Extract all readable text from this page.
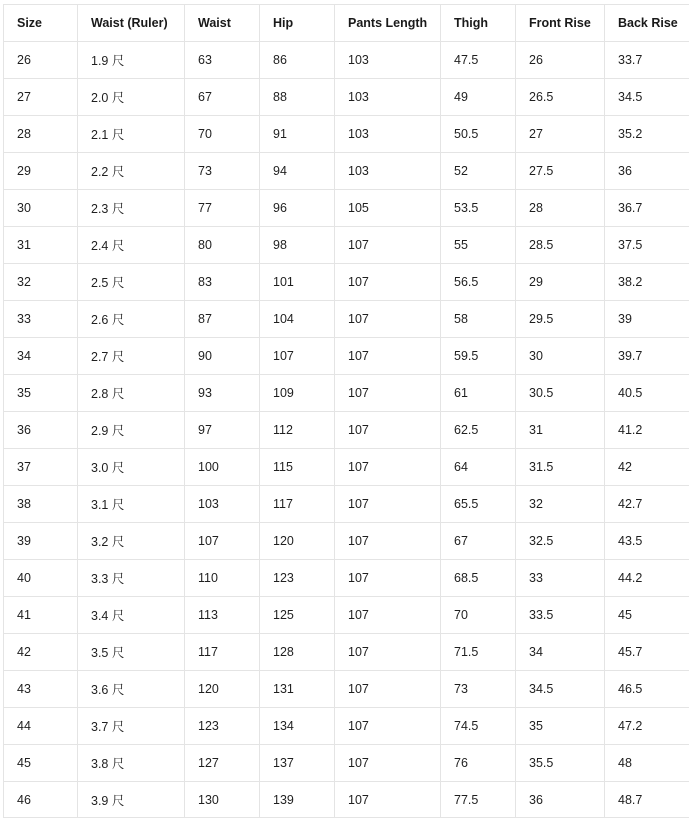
Size	Waist (Ruler)	Waist	Hip	Pants Length	Thigh	Front Rise	Back Rise
26	1.9 尺	63	86	103	47.5	26	33.7
27	2.0 尺	67	88	103	49	26.5	34.5
28	2.1 尺	70	91	103	50.5	27	35.2
29	2.2 尺	73	94	103	52	27.5	36
30	2.3 尺	77	96	105	53.5	28	36.7
31	2.4 尺	80	98	107	55	28.5	37.5
32	2.5 尺	83	101	107	56.5	29	38.2
33	2.6 尺	87	104	107	58	29.5	39
34	2.7 尺	90	107	107	59.5	30	39.7
35	2.8 尺	93	109	107	61	30.5	40.5
36	2.9 尺	97	112	107	62.5	31	41.2
37	3.0 尺	100	115	107	64	31.5	42
38	3.1 尺	103	117	107	65.5	32	42.7
39	3.2 尺	107	120	107	67	32.5	43.5
40	3.3 尺	110	123	107	68.5	33	44.2
41	3.4 尺	113	125	107	70	33.5	45
42	3.5 尺	117	128	107	71.5	34	45.7
43	3.6 尺	120	131	107	73	34.5	46.5
44	3.7 尺	123	134	107	74.5	35	47.2
45	3.8 尺	127	137	107	76	35.5	48
46	3.9 尺	130	139	107	77.5	36	48.7
